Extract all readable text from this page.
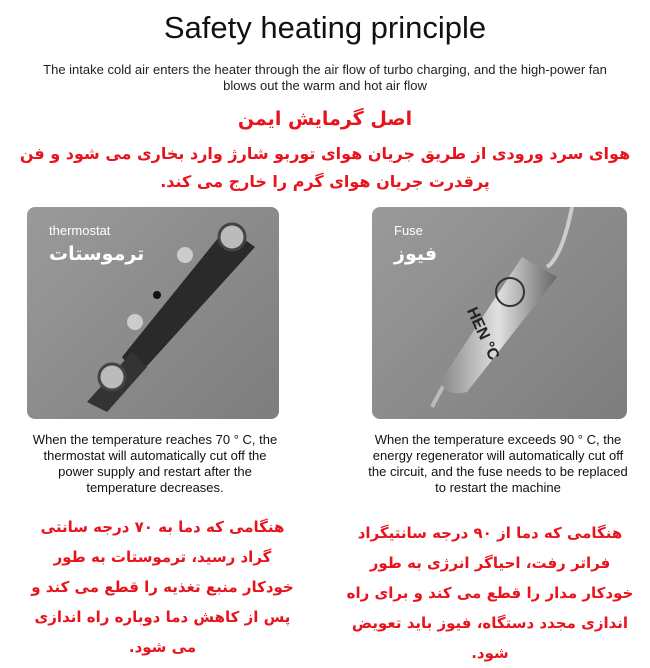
Safety heating principle
The intake cold air enters the heater through the air flow of turbo charging, and the high-power fan blows out the warm and hot air flow
اصل گرمایش ایمن
هوای سرد ورودی از طریق جریان هوای توربو شارژ وارد بخاری می شود و فن پرقدرت جریان هوای گرم را خارج می کند.
thermostat
ترموستات
Fuse
فیوز
HEN °C
When the temperature reaches 70 ° C, the thermostat will automatically cut off the power supply and restart after the temperature decreases.
When the temperature exceeds 90 ° C, the energy regenerator will automatically cut off the circuit, and the fuse needs to be replaced to restart the machine
هنگامی که دما به ۷۰ درجه سانتی گراد رسید، ترموستات به طور خودکار منبع تغذیه را قطع می کند و پس از کاهش دما دوباره راه اندازی می شود.
هنگامی که دما از ۹۰ درجه سانتیگراد فراتر رفت، احیاگر انرژی به طور خودکار مدار را قطع می کند و برای راه اندازی مجدد دستگاه، فیوز باید تعویض شود.
